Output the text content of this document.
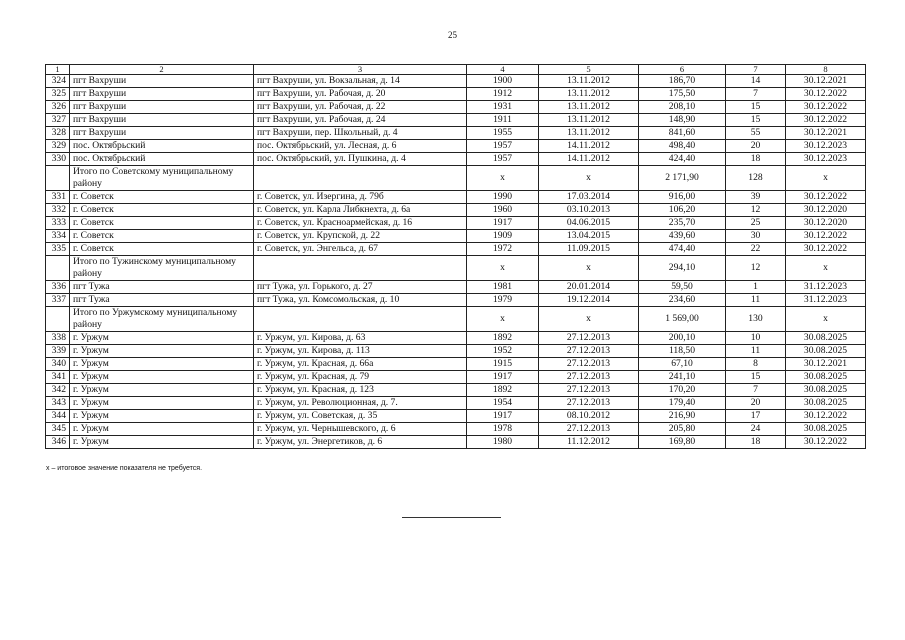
25
1	2	3	4	5	6	7	8
324	пгт Вахруши	пгт Вахруши, ул. Вокзальная, д. 14	1900	13.11.2012	186,70	14	30.12.2021
325	пгт Вахруши	пгт Вахруши, ул. Рабочая, д. 20	1912	13.11.2012	175,50	7	30.12.2022
326	пгт Вахруши	пгт Вахруши, ул. Рабочая, д. 22	1931	13.11.2012	208,10	15	30.12.2022
327	пгт Вахруши	пгт Вахруши, ул. Рабочая, д. 24	1911	13.11.2012	148,90	15	30.12.2022
328	пгт Вахруши	пгт Вахруши, пер. Школьный, д. 4	1955	13.11.2012	841,60	55	30.12.2021
329	пос. Октябрьский	пос. Октябрьский, ул. Лесная, д. 6	1957	14.11.2012	498,40	20	30.12.2023
330	пос. Октябрьский	пос. Октябрьский, ул. Пушкина, д. 4	1957	14.11.2012	424,40	18	30.12.2023
	Итого по Советскому муниципальному району		x	x	2 171,90	128	x
331	г. Советск	г. Советск, ул. Изергина, д. 79б	1990	17.03.2014	916,00	39	30.12.2022
332	г. Советск	г. Советск, ул. Карла Либкнехта, д. 6а	1960	03.10.2013	106,20	12	30.12.2020
333	г. Советск	г. Советск, ул. Красноармейская, д. 16	1917	04.06.2015	235,70	25	30.12.2020
334	г. Советск	г. Советск, ул. Крупской, д. 22	1909	13.04.2015	439,60	30	30.12.2022
335	г. Советск	г. Советск, ул. Энгельса, д. 67	1972	11.09.2015	474,40	22	30.12.2022
	Итого по Тужинскому муниципальному району		x	x	294,10	12	x
336	пгт Тужа	пгт Тужа, ул. Горького, д. 27	1981	20.01.2014	59,50	1	31.12.2023
337	пгт Тужа	пгт Тужа, ул. Комсомольская, д. 10	1979	19.12.2014	234,60	11	31.12.2023
	Итого по Уржумскому муниципальному району		x	x	1 569,00	130	x
338	г. Уржум	г. Уржум, ул. Кирова, д. 63	1892	27.12.2013	200,10	10	30.08.2025
339	г. Уржум	г. Уржум, ул. Кирова, д. 113	1952	27.12.2013	118,50	11	30.08.2025
340	г. Уржум	г. Уржум, ул. Красная, д. 66а	1915	27.12.2013	67,10	8	30.12.2021
341	г. Уржум	г. Уржум, ул. Красная, д. 79	1917	27.12.2013	241,10	15	30.08.2025
342	г. Уржум	г. Уржум, ул. Красная, д. 123	1892	27.12.2013	170,20	7	30.08.2025
343	г. Уржум	г. Уржум, ул. Революционная, д. 7.	1954	27.12.2013	179,40	20	30.08.2025
344	г. Уржум	г. Уржум, ул. Советская, д. 35	1917	08.10.2012	216,90	17	30.12.2022
345	г. Уржум	г. Уржум, ул. Чернышевского, д. 6	1978	27.12.2013	205,80	24	30.08.2025
346	г. Уржум	г. Уржум, ул. Энергетиков, д. 6	1980	11.12.2012	169,80	18	30.12.2022
x – итоговое значение показателя не требуется.
